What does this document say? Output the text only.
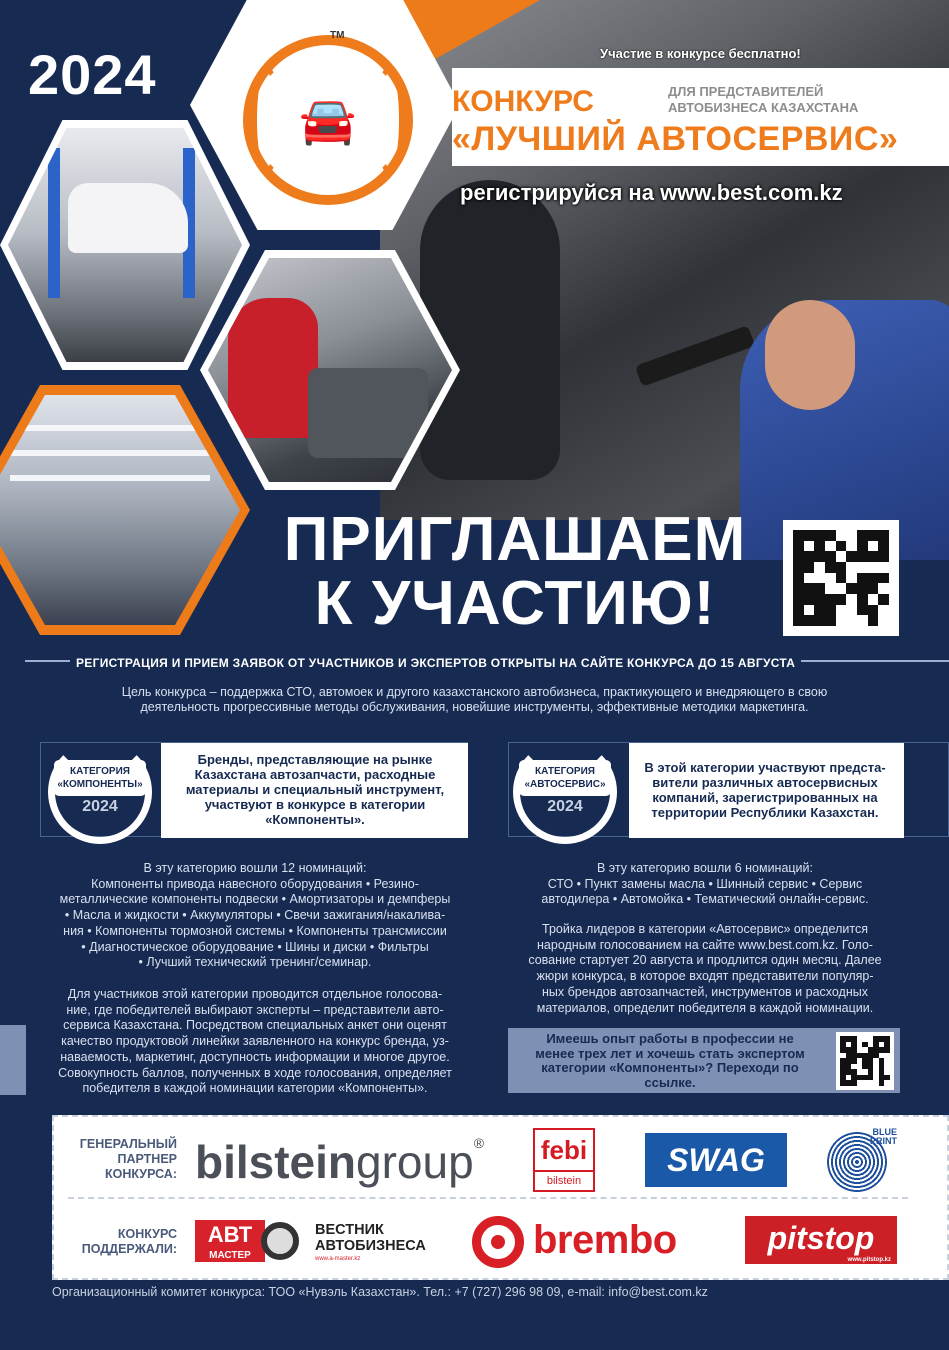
2024
🚘
TM
Участие в конкурсе бесплатно!
КОНКУРС	ДЛЯ ПРЕДСТАВИТЕЛЕЙ
АВТОБИЗНЕСА КАЗАХСТАНА
«ЛУЧШИЙ АВТОСЕРВИС»
регистрируйся на www.best.com.kz
ПРИГЛАШАЕМ
К УЧАСТИЮ!
РЕГИСТРАЦИЯ И ПРИЕМ ЗАЯВОК ОТ УЧАСТНИКОВ И ЭКСПЕРТОВ ОТКРЫТЫ НА САЙТЕ КОНКУРСА ДО 15 АВГУСТА
Цель конкурса – поддержка СТО, автомоек и другого казахстанского автобизнеса, практикующего и внедряющего в свою
деятельность прогрессивные методы обслуживания, новейшие инструменты, эффективные методики маркетинга.
КАТЕГОРИЯ
«КОМПОНЕНТЫ»
2024
Бренды, представляющие на рынке
Казахстана автозапчасти, расходные
материалы и специальный инструмент,
участвуют в конкурсе в категории
«Компоненты».
КАТЕГОРИЯ
«АВТОСЕРВИС»
2024
В этой категории участвуют предста-
вители различных автосервисных
компаний, зарегистрированных на
территории Республики Казахстан.
В эту категорию вошли 12 номинаций:
Компоненты привода навесного оборудования • Резино-
металлические компоненты подвески • Амортизаторы и демпферы
• Масла и жидкости • Аккумуляторы • Свечи зажигания/накалива-
ния • Компоненты тормозной системы • Компоненты трансмиссии
• Диагностическое оборудование • Шины и диски • Фильтры
• Лучший технический тренинг/семинар.
Для участников этой категории проводится отдельное голосова-
ние, где победителей выбирают эксперты – представители авто-
сервиса Казахстана. Посредством специальных анкет они оценят
качество продуктовой линейки заявленного на конкурс бренда, уз-
наваемость, маркетинг, доступность информации и многое другое.
Совокупность баллов, полученных в ходе голосования, определяет
победителя в каждой номинации категории «Компоненты».
В эту категорию вошли 6 номинаций:
СТО • Пункт замены масла • Шинный сервис • Сервис
автодилера • Автомойка • Тематический онлайн-сервис.
Тройка лидеров в категории «Автосервис» определится
народным голосованием на сайте www.best.com.kz. Голо-
сование стартует 20 августа и продлится один месяц. Далее
жюри конкурса, в которое входят представители популяр-
ных брендов автозапчастей, инструментов и расходных
материалов, определит победителя в каждой номинации.
Имеешь опыт работы в профессии не
менее трех лет и хочешь стать экспертом
категории «Компоненты»? Переходи по
ссылке.
ГЕНЕРАЛЬНЫЙ
ПАРТНЕР
КОНКУРСА: bilsteingroup® febi
bilstein
SWAG
BLUE
PRINT
КОНКУРС
ПОДДЕРЖАЛИ:
АВТ
МАСТЕР
ВЕСТНИК
АВТОБИЗНЕСА
www.a-master.kz	brembo	pitstop
www.pitstop.kz
Организационный комитет конкурса: ТОО «Нувэль Казахстан». Тел.: +7 (727) 296 98 09, e-mail: info@best.com.kz
